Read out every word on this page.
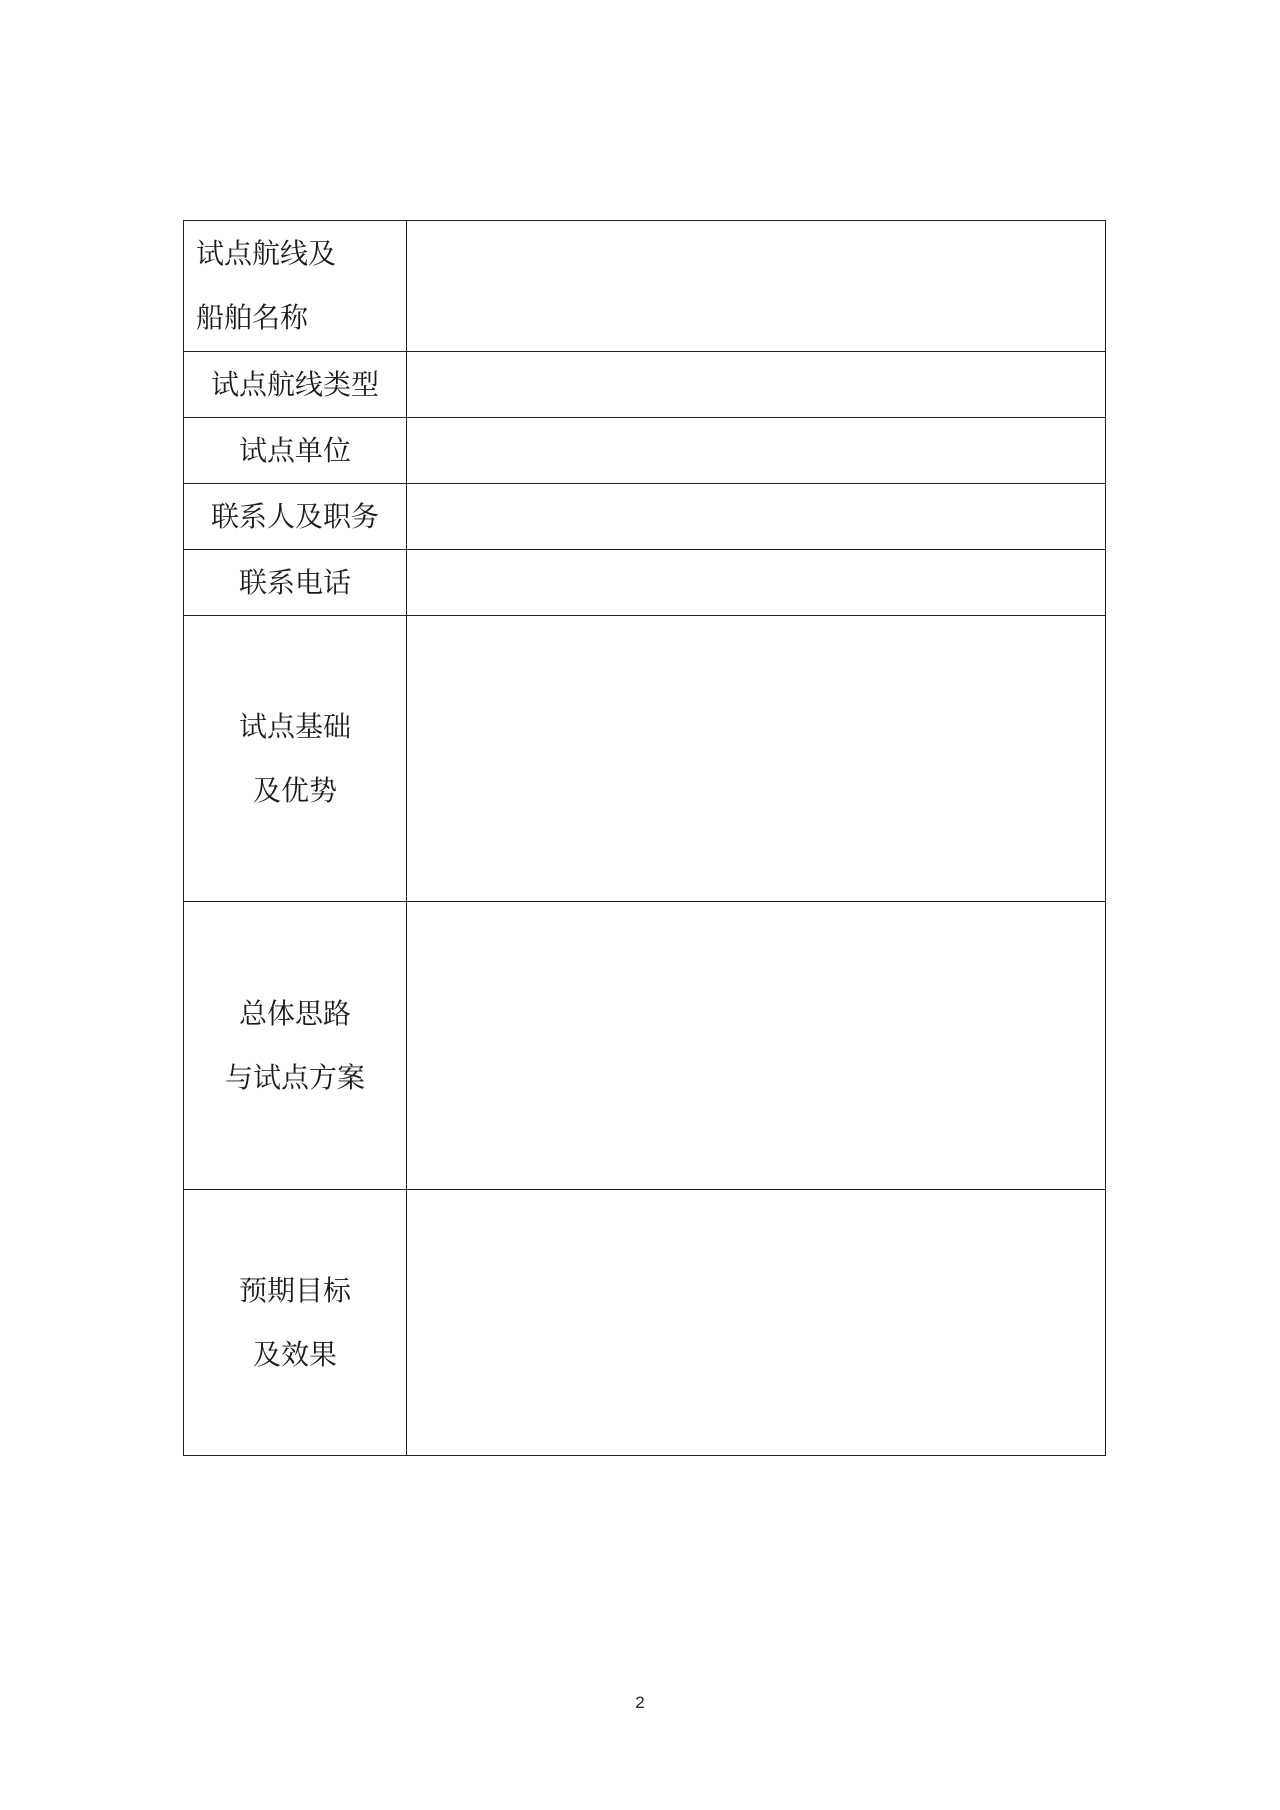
试点航线及
船舶名称	

试点航线类型	

试点单位	

联系人及职务	

联系电话	

试点基础
及优势	

总体思路
与试点方案	

预期目标
及效果	

2
